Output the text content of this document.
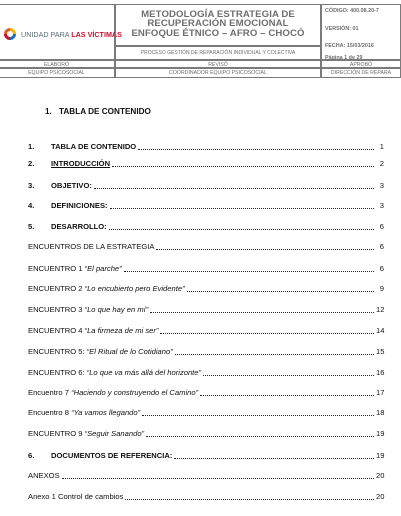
UNIDAD PARA LAS VÍCTIMAS
METODOLOGÍA ESTRATEGIA DE
RECUPERACIÓN EMOCIONAL
ENFOQUE ÉTNICO – AFRO – CHOCÓ
PROCESO GESTIÓN DE REPARACIÓN INDIVIDUAL Y COLECTIVA
CÓDIGO: 400.08.20-7
VERSIÓN: 01
FECHA: 15/03/2016
Página 1 de 29
ELABORÓ	REVISÓ	APROBÓ
EQUIPO PSICOSOCIAL	COORDINADOR EQUIPO PSICOSOCIAL	DIRECCIÓN DE REPARA
1. TABLA DE CONTENIDO
1.	TABLA DE CONTENIDO	1
2.	INTRODUCCIÓN	2
3.	OBJETIVO:	3
4.	DEFINICIONES:	3
5.	DESARROLLO:	6
ENCUENTROS DE LA ESTRATEGIA	6
ENCUENTRO 1 “El parche”	6
ENCUENTRO 2 “Lo encubierto pero Evidente”	9
ENCUENTRO 3 “Lo que hay en mí”	12
ENCUENTRO 4 “La firmeza de mi ser”	14
ENCUENTRO 5: “El Ritual de lo Cotidiano”	15
ENCUENTRO 6: “Lo que va más allá del horizonte”	16
Encuentro 7 “Haciendo y construyendo el Camino”	17
Encuentro 8 “Ya vamos llegando”	18
ENCUENTRO 9 “Seguir Sanando”	19
6.	DOCUMENTOS DE REFERENCIA:	19
ANEXOS	20
Anexo 1 Control de cambios	20
